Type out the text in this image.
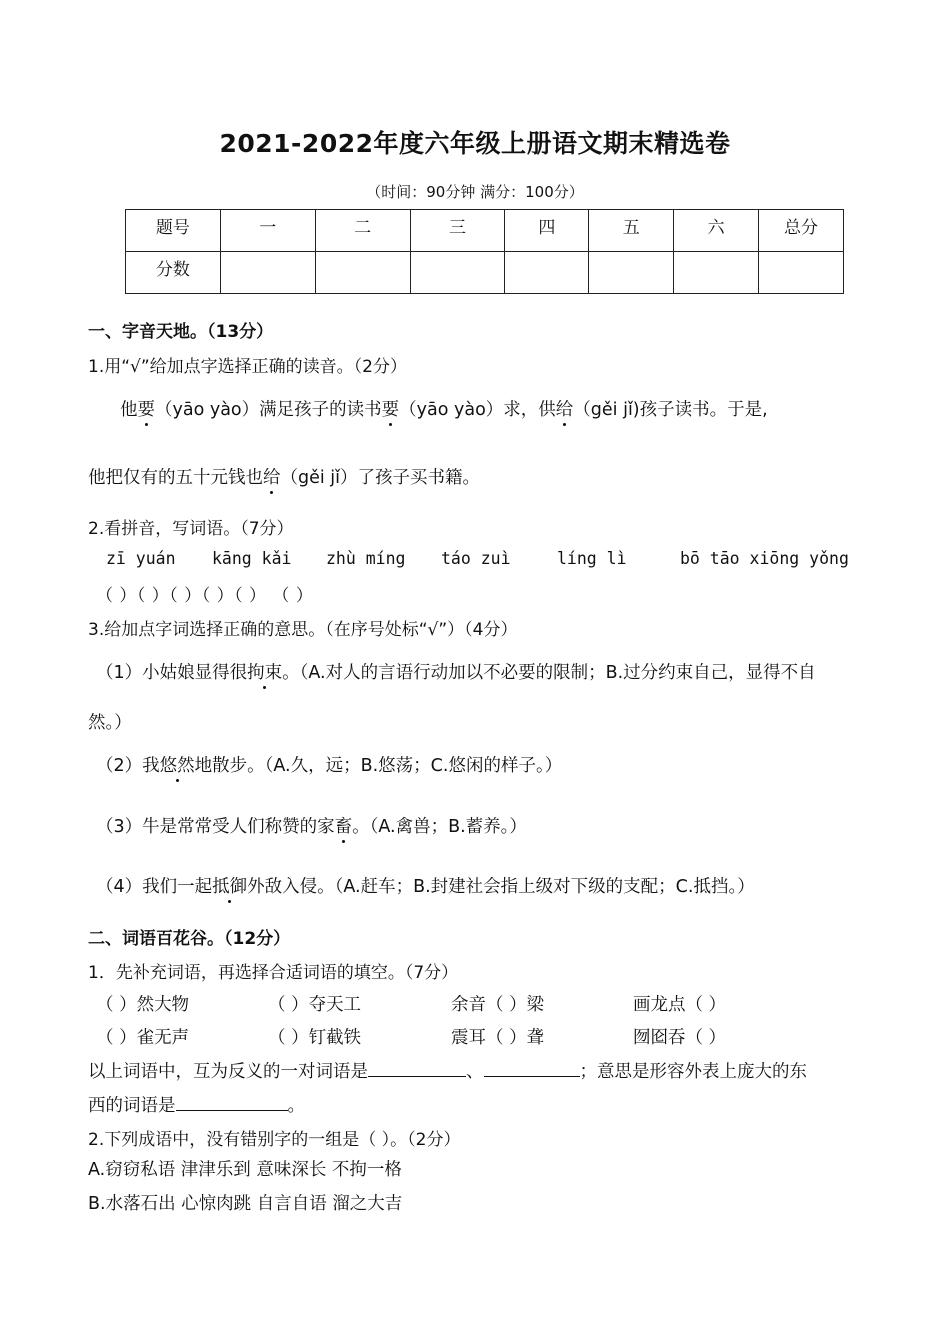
2021-2022年度六年级上册语文期末精选卷
（时间：90分钟 满分：100分）
题号	一	二	三	四	五	六	总分
分数							
一、字音天地。（13分）
1.用“√”给加点字选择正确的读音。（2分）
他要（yāo yào）满足孩子的读书要（yāo yào）求，供给（gěi jǐ)孩子读书。于是,
他把仅有的五十元钱也给（gěi jǐ）了孩子买书籍。
2.看拼音，写词语。（7分）
zī yuán kāng kǎi zhù míng táo zuì	líng lì	bō tāo xiōng yǒng
（ ）（ ）（ ）（ ）（ ） （ ）
3.给加点字词选择正确的意思。（在序号处标“√”）（4分）
（1）小姑娘显得很拘束。（A.对人的言语行动加以不必要的限制；B.过分约束自己，显得不自
然。）
（2）我悠然地散步。（A.久，远；B.悠荡；C.悠闲的样子。）
（3）牛是常常受人们称赞的家畜。（A.禽兽；B.蓄养。）
（4）我们一起抵御外敌入侵。（A.赶车；B.封建社会指上级对下级的支配；C.抵挡。）
二、词语百花谷。（12分）
1．先补充词语，再选择合适词语的填空。（7分）
（ ）然大物	（ ）夺天工	余音（ ）梁	画龙点（ ）
（ ）雀无声	（ ）钉截铁	震耳（ ）聋	囫囵吞（ ）
以上词语中，互为反义的一对词语是	、	；意思是形容外表上庞大的东
西的词语是	。
2.下列成语中，没有错别字的一组是（ ）。（2分）
A.窃窃私语 津津乐到 意味深长 不拘一格
B.水落石出 心惊肉跳 自言自语 溜之大吉
